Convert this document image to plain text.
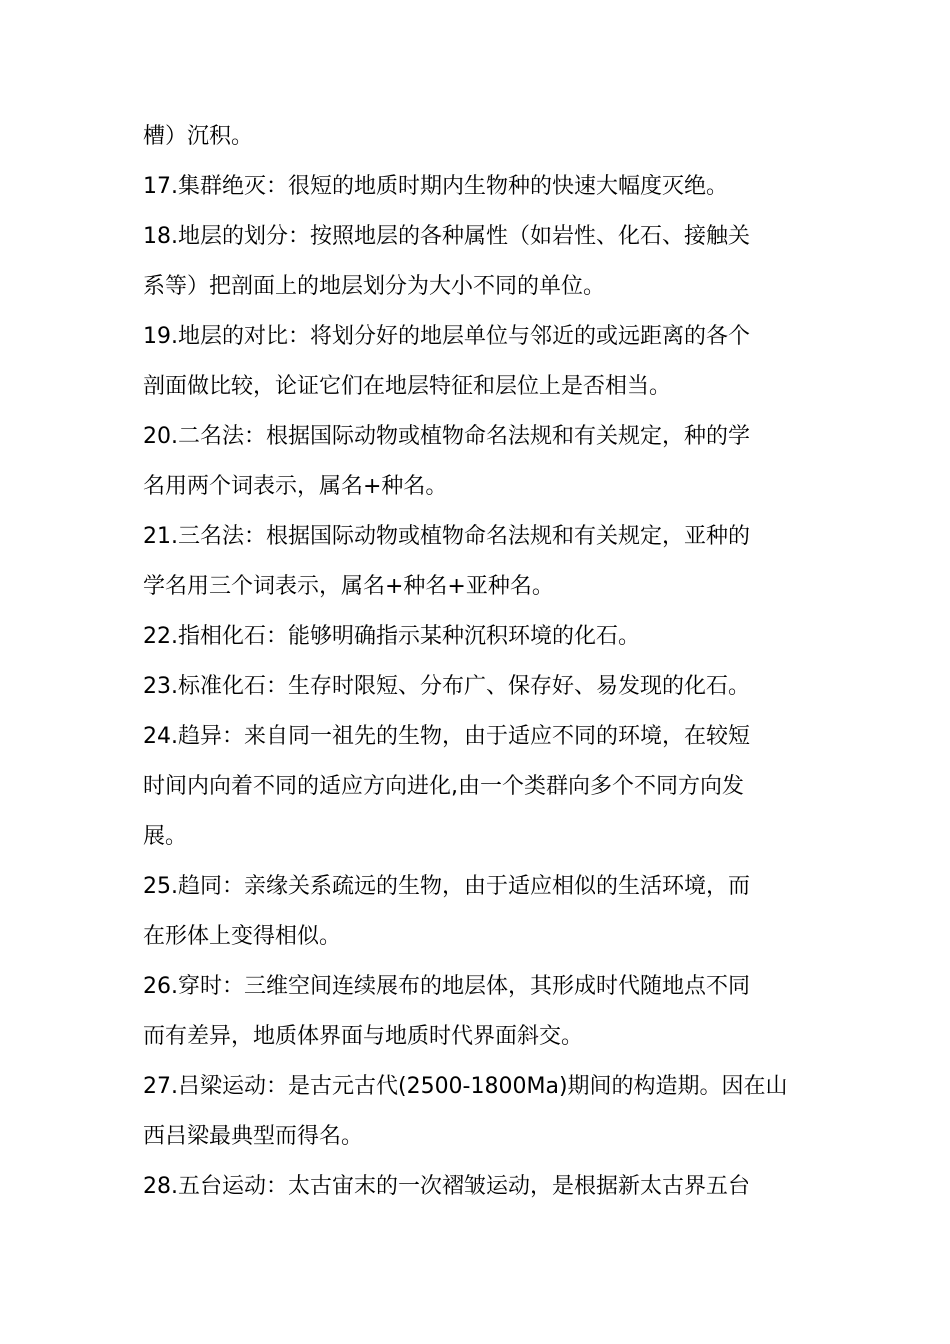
槽）沉积。

17.集群绝灭：很短的地质时期内生物种的快速大幅度灭绝。

18.地层的划分：按照地层的各种属性（如岩性、化石、接触关
系等）把剖面上的地层划分为大小不同的单位。

19.地层的对比：将划分好的地层单位与邻近的或远距离的各个
剖面做比较，论证它们在地层特征和层位上是否相当。

20.二名法：根据国际动物或植物命名法规和有关规定，种的学
名用两个词表示，属名+种名。

21.三名法：根据国际动物或植物命名法规和有关规定，亚种的
学名用三个词表示，属名+种名+亚种名。

22.指相化石：能够明确指示某种沉积环境的化石。

23.标准化石：生存时限短、分布广、保存好、易发现的化石。

24.趋异：来自同一祖先的生物，由于适应不同的环境，在较短
时间内向着不同的适应方向进化,由一个类群向多个不同方向发
展。

25.趋同：亲缘关系疏远的生物，由于适应相似的生活环境，而
在形体上变得相似。

26.穿时：三维空间连续展布的地层体，其形成时代随地点不同
而有差异，地质体界面与地质时代界面斜交。

27.吕梁运动：是古元古代(2500-1800Ma)期间的构造期。因在山
西吕梁最典型而得名。

28.五台运动：太古宙末的一次褶皱运动，是根据新太古界五台
